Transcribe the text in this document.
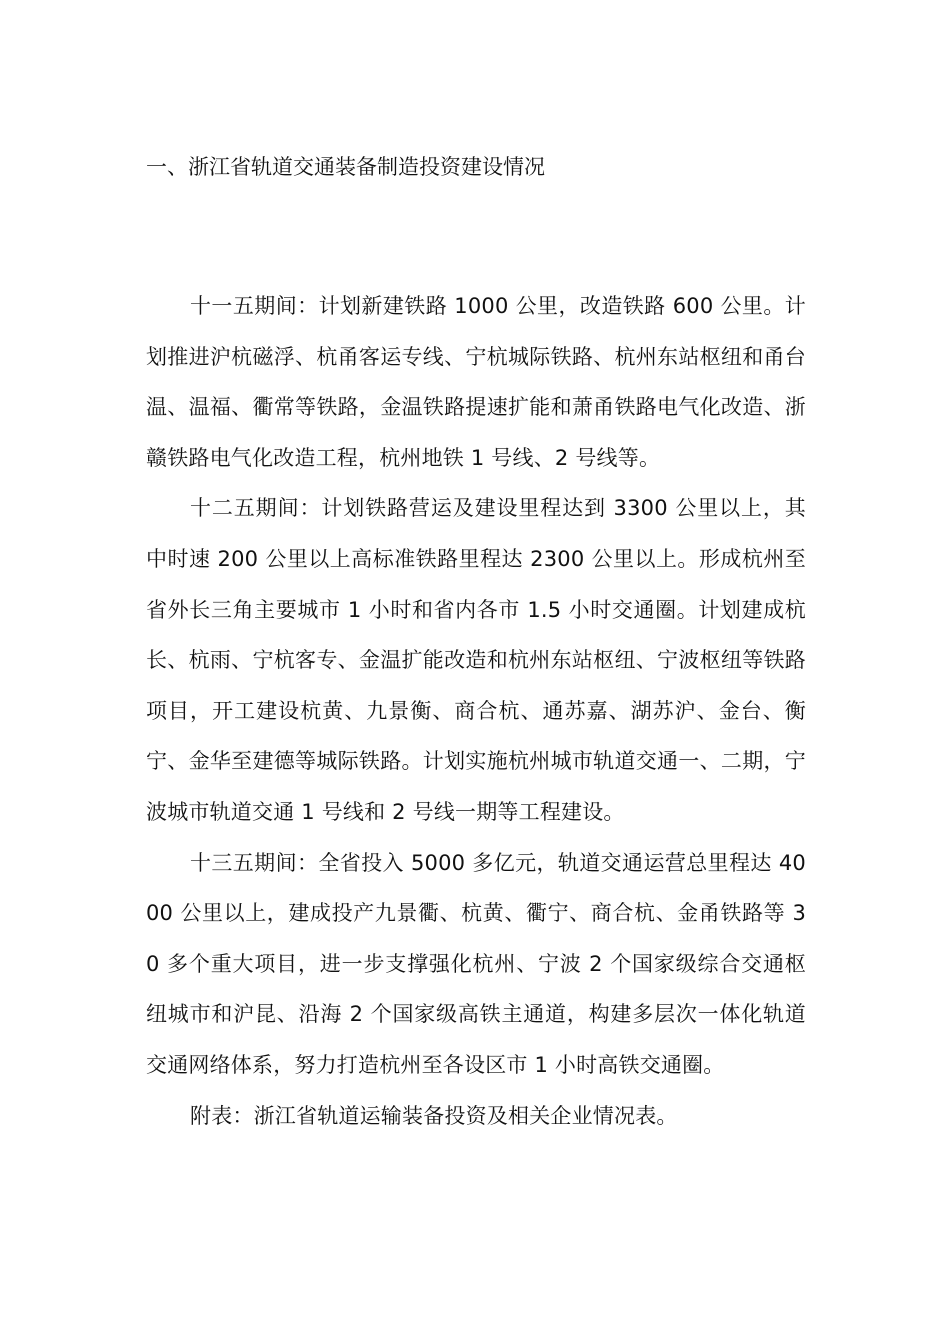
一、浙江省轨道交通装备制造投资建设情况

十一五期间：计划新建铁路 1000 公里，改造铁路 600 公里。计划推进沪杭磁浮、杭甬客运专线、宁杭城际铁路、杭州东站枢纽和甬台温、温福、衢常等铁路，金温铁路提速扩能和萧甬铁路电气化改造、浙赣铁路电气化改造工程，杭州地铁 1 号线、2 号线等。

十二五期间：计划铁路营运及建设里程达到 3300 公里以上，其中时速 200 公里以上高标准铁路里程达 2300 公里以上。形成杭州至省外长三角主要城市 1 小时和省内各市 1.5 小时交通圈。计划建成杭长、杭雨、宁杭客专、金温扩能改造和杭州东站枢纽、宁波枢纽等铁路项目，开工建设杭黄、九景衡、商合杭、通苏嘉、湖苏沪、金台、衡宁、金华至建德等城际铁路。计划实施杭州城市轨道交通一、二期，宁波城市轨道交通 1 号线和 2 号线一期等工程建设。

十三五期间：全省投入 5000 多亿元，轨道交通运营总里程达 4000 公里以上，建成投产九景衢、杭黄、衢宁、商合杭、金甬铁路等 30 多个重大项目，进一步支撑强化杭州、宁波 2 个国家级综合交通枢纽城市和沪昆、沿海 2 个国家级高铁主通道，构建多层次一体化轨道交通网络体系，努力打造杭州至各设区市 1 小时高铁交通圈。

附表：浙江省轨道运输装备投资及相关企业情况表。
